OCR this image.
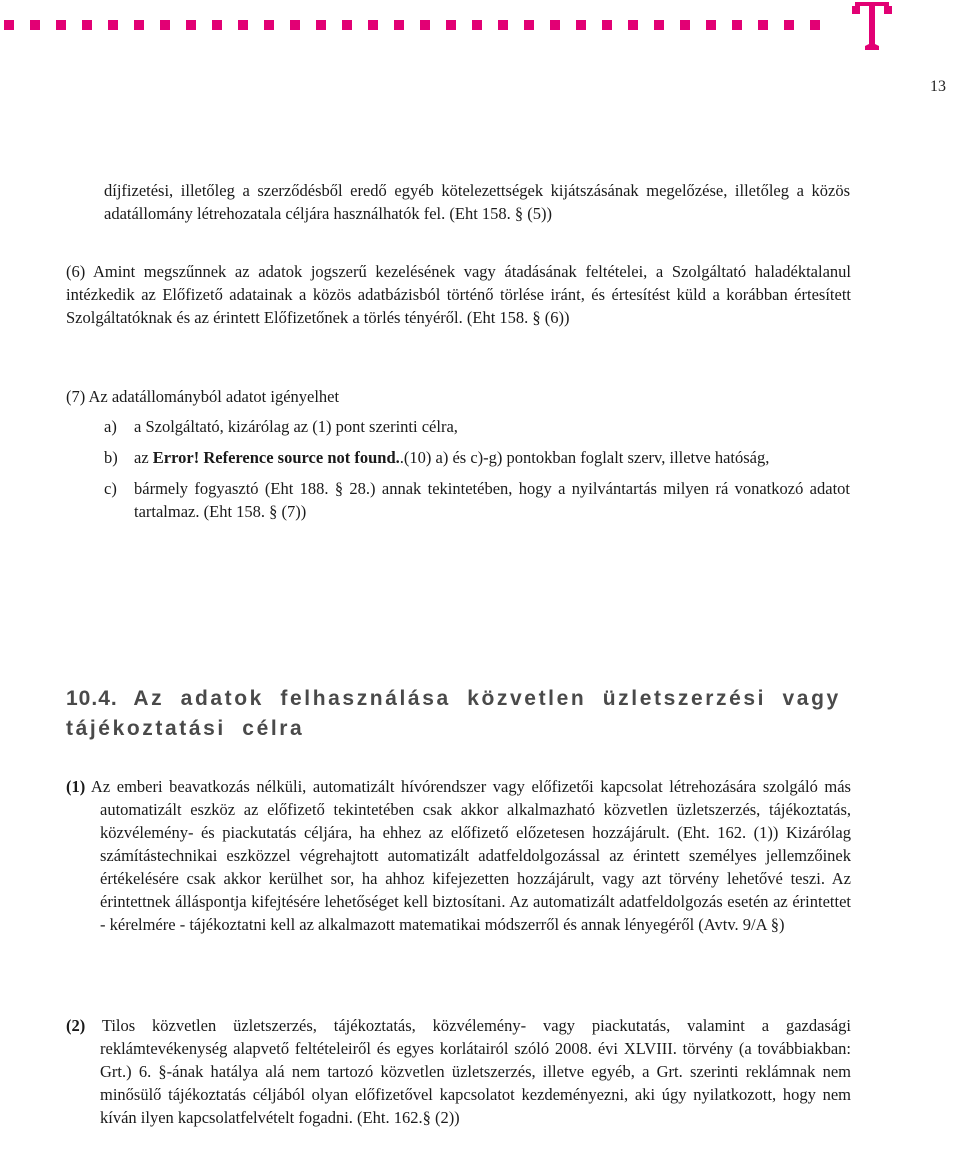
13
díjfizetési, illetőleg a szerződésből eredő egyéb kötelezettségek kijátszásának megelőzése, illetőleg a közös adatállomány létrehozatala céljára használhatók fel. (Eht 158. § (5))
(6) Amint megszűnnek az adatok jogszerű kezelésének vagy átadásának feltételei, a Szolgáltató haladéktalanul intézkedik az Előfizető adatainak a közös adatbázisból történő törlése iránt, és értesítést küld a korábban értesített Szolgáltatóknak és az érintett Előfizetőnek a törlés tényéről. (Eht 158. § (6))
(7) Az adatállományból adatot igényelhet
a) a Szolgáltató, kizárólag az (1) pont szerinti célra,
b) az Error! Reference source not found..(10) a) és c)-g) pontokban foglalt szerv, illetve hatóság,
c) bármely fogyasztó (Eht 188. § 28.) annak tekintetében, hogy a nyilvántartás milyen rá vonatkozó adatot tartalmaz. (Eht 158. § (7))
10.4. Az adatok felhasználása közvetlen üzletszerzési vagy tájékoztatási célra
(1) Az emberi beavatkozás nélküli, automatizált hívórendszer vagy előfizetői kapcsolat létrehozására szolgáló más automatizált eszköz az előfizető tekintetében csak akkor alkalmazható közvetlen üzletszerzés, tájékoztatás, közvélemény- és piackutatás céljára, ha ehhez az előfizető előzetesen hozzájárult. (Eht. 162. (1)) Kizárólag számítástechnikai eszközzel végrehajtott automatizált adatfeldolgozással az érintett személyes jellemzőinek értékelésére csak akkor kerülhet sor, ha ahhoz kifejezetten hozzájárult, vagy azt törvény lehetővé teszi. Az érintettnek álláspontja kifejtésére lehetőséget kell biztosítani. Az automatizált adatfeldolgozás esetén az érintettet - kérelmére - tájékoztatni kell az alkalmazott matematikai módszerről és annak lényegéről (Avtv. 9/A §)
(2) Tilos közvetlen üzletszerzés, tájékoztatás, közvélemény- vagy piackutatás, valamint a gazdasági reklámtevékenység alapvető feltételeiről és egyes korlátairól szóló 2008. évi XLVIII. törvény (a továbbiakban: Grt.) 6. §-ának hatálya alá nem tartozó közvetlen üzletszerzés, illetve egyéb, a Grt. szerinti reklámnak nem minősülő tájékoztatás céljából olyan előfizetővel kapcsolatot kezdeményezni, aki úgy nyilatkozott, hogy nem kíván ilyen kapcsolatfelvételt fogadni. (Eht. 162.§ (2))
